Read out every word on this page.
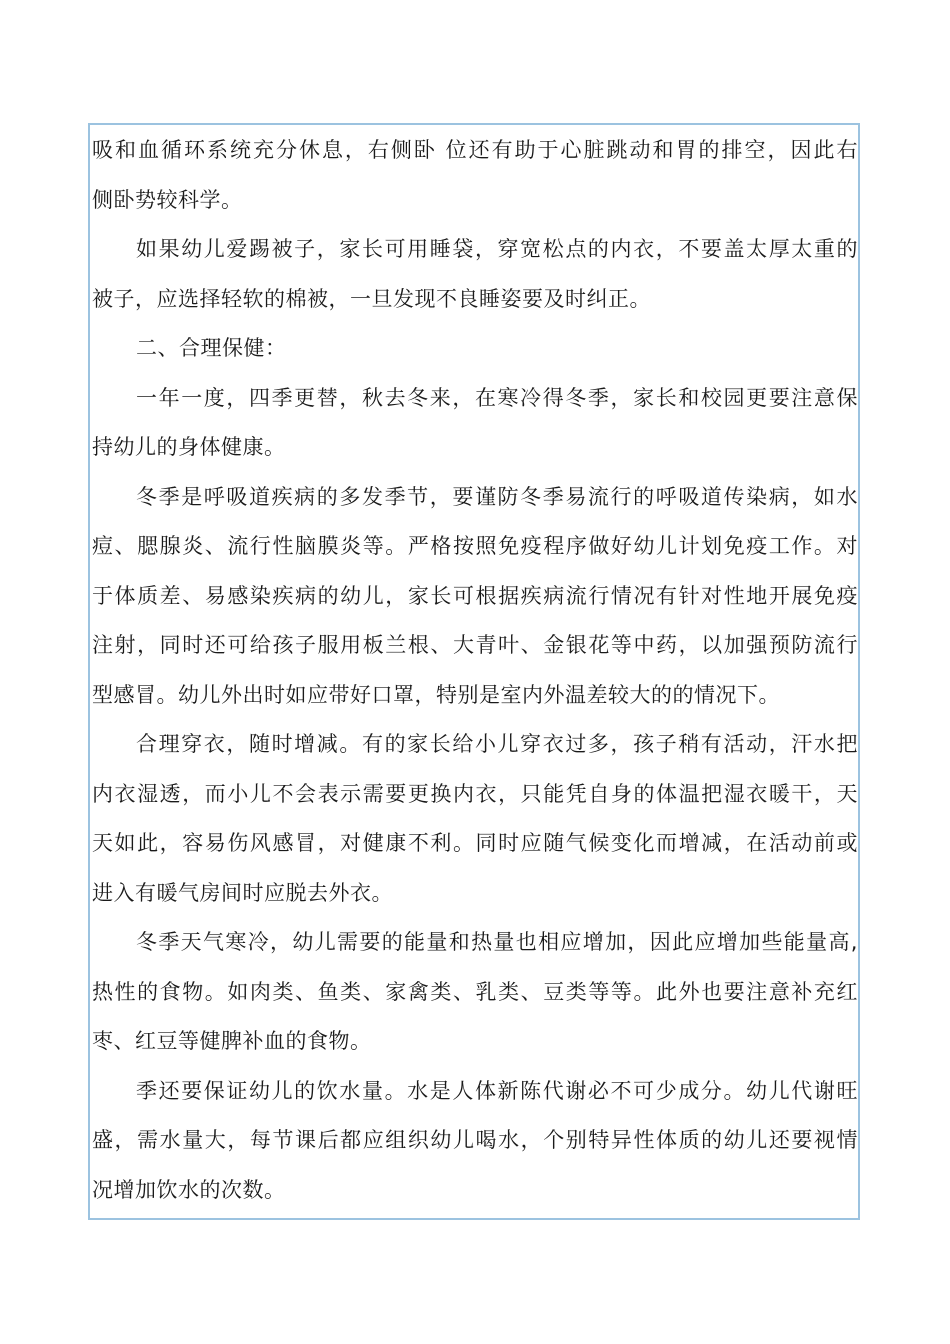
吸和血循环系统充分休息，右侧卧 位还有助于心脏跳动和胃的排空，因此右
侧卧势较科学。
如果幼儿爱踢被子，家长可用睡袋，穿宽松点的内衣，不要盖太厚太重的
被子，应选择轻软的棉被，一旦发现不良睡姿要及时纠正。
二、合理保健：
一年一度，四季更替，秋去冬来，在寒冷得冬季，家长和校园更要注意保
持幼儿的身体健康。
冬季是呼吸道疾病的多发季节，要谨防冬季易流行的呼吸道传染病，如水
痘、腮腺炎、流行性脑膜炎等。严格按照免疫程序做好幼儿计划免疫工作。对
于体质差、易感染疾病的幼儿，家长可根据疾病流行情况有针对性地开展免疫
注射，同时还可给孩子服用板兰根、大青叶、金银花等中药，以加强预防流行
型感冒。幼儿外出时如应带好口罩，特别是室内外温差较大的的情况下。
合理穿衣，随时增减。有的家长给小儿穿衣过多，孩子稍有活动，汗水把
内衣湿透，而小儿不会表示需要更换内衣，只能凭自身的体温把湿衣暖干，天
天如此，容易伤风感冒，对健康不利。同时应随气候变化而增减，在活动前或
进入有暖气房间时应脱去外衣。
冬季天气寒冷，幼儿需要的能量和热量也相应增加，因此应增加些能量高,
热性的食物。如肉类、鱼类、家禽类、乳类、豆类等等。此外也要注意补充红
枣、红豆等健脾补血的食物。
季还要保证幼儿的饮水量。水是人体新陈代谢必不可少成分。幼儿代谢旺
盛，需水量大，每节课后都应组织幼儿喝水，个别特异性体质的幼儿还要视情
况增加饮水的次数。
